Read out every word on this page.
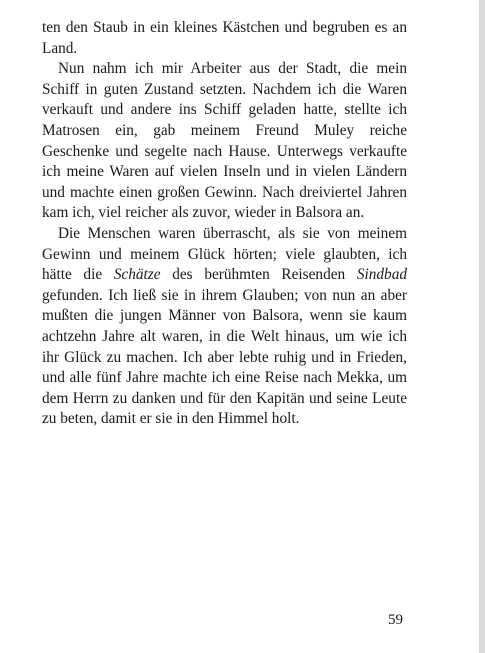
ten den Staub in ein kleines Kästchen und begruben es an Land.

Nun nahm ich mir Arbeiter aus der Stadt, die mein Schiff in guten Zustand setzten. Nachdem ich die Waren verkauft und andere ins Schiff geladen hatte, stellte ich Matrosen ein, gab meinem Freund Muley reiche Geschenke und segelte nach Hause. Unterwegs verkaufte ich meine Waren auf vielen Inseln und in vielen Ländern und machte einen großen Gewinn. Nach dreiviertel Jahren kam ich, viel reicher als zuvor, wieder in Balsora an.

Die Menschen waren überrascht, als sie von meinem Gewinn und meinem Glück hörten; viele glaubten, ich hätte die Schätze des berühmten Reisenden Sindbad gefunden. Ich ließ sie in ihrem Glauben; von nun an aber mußten die jungen Männer von Balsora, wenn sie kaum achtzehn Jahre alt waren, in die Welt hinaus, um wie ich ihr Glück zu machen. Ich aber lebte ruhig und in Frieden, und alle fünf Jahre machte ich eine Reise nach Mekka, um dem Herrn zu danken und für den Kapitän und seine Leute zu beten, damit er sie in den Himmel holt.

59
